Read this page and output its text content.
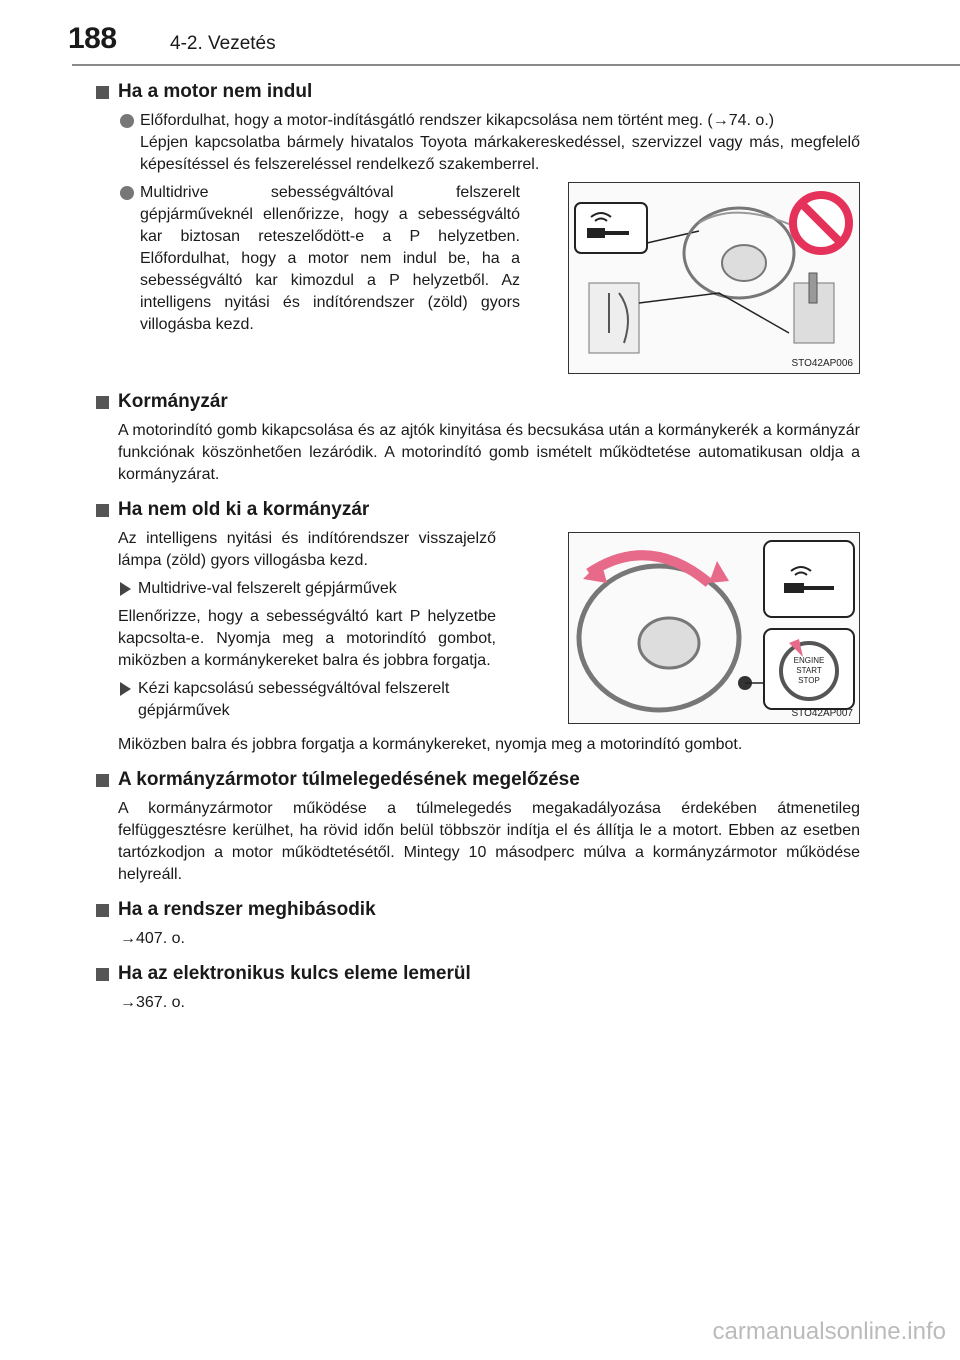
188	4-2. Vezetés
Ha a motor nem indul

Előfordulhat, hogy a motor-indításgátló rendszer kikapcsolása nem történt meg. (→74. o.)

Lépjen kapcsolatba bármely hivatalos Toyota márkakereskedéssel, szervizzel vagy más, megfelelő képesítéssel és felszereléssel rendelkező szakemberrel.

Multidrive sebességváltóval felszerelt gépjárműveknél ellenőrizze, hogy a sebességváltó kar biztosan reteszelődött-e a P helyzetben. Előfordulhat, hogy a motor nem indul be, ha a sebességváltó kar kimozdul a P helyzetből. Az intelligens nyitási és indítórendszer (zöld) gyors villogásba kezd.

STO42AP006
Kormányzár

A motorindító gomb kikapcsolása és az ajtók kinyitása és becsukása után a kormánykerék a kormányzár funkciónak köszönhetően lezáródik. A motorindító gomb ismételt működtetése automatikusan oldja a kormányzárat.

Ha nem old ki a kormányzár

Az intelligens nyitási és indítórendszer visszajelző lámpa (zöld) gyors villogásba kezd.

Multidrive-val felszerelt gépjárművek

Ellenőrizze, hogy a sebességváltó kart P helyzetbe kapcsolta-e. Nyomja meg a motorindító gombot, miközben a kormánykereket balra és jobbra forgatja.

Kézi kapcsolású sebességváltóval felszerelt gépjárművek
ENGINE
START
STOP
STO42AP007

Miközben balra és jobbra forgatja a kormánykereket, nyomja meg a motorindító gombot.

A kormányzármotor túlmelegedésének megelőzése

A kormányzármotor működése a túlmelegedés megakadályozása érdekében átmenetileg felfüggesztésre kerülhet, ha rövid időn belül többször indítja el és állítja le a motort. Ebben az esetben tartózkodjon a motor működtetésétől. Mintegy 10 másodperc múlva a kormányzármotor működése helyreáll.

Ha a rendszer meghibásodik
→407. o.
Ha az elektronikus kulcs eleme lemerül
→367. o.
carmanualsonline.info
